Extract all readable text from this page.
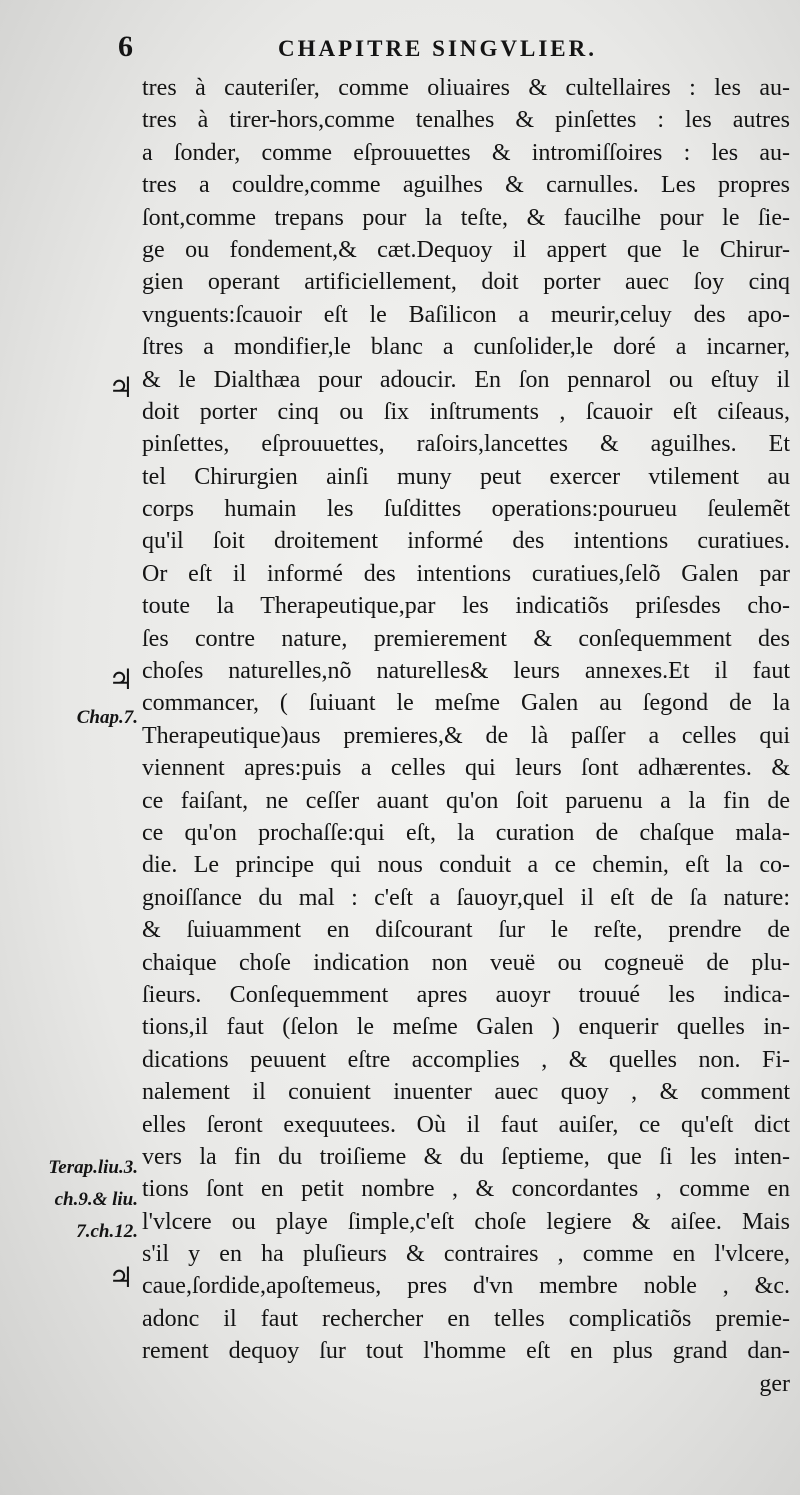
6	CHAPITRE SINGVLIER.
♃
♃
♃
Chap.7.
Terap.liu.3.
ch.9.& liu.
7.ch.12.
tres à cauteriſer, comme oliuaires & cultellaires : les au-
tres à tirer-hors,comme tenalhes & pinſettes : les autres
a ſonder, comme eſprouuettes & intromiſſoires : les au-
tres a couldre,comme aguilhes & carnulles. Les propres
ſont,comme trepans pour la teſte, & faucilhe pour le ſie-
ge ou fondement,& cæt.Dequoy il appert que le Chirur-
gien operant artificiellement, doit porter auec ſoy cinq
vnguents:ſcauoir eſt le Baſilicon a meurir,celuy des apo-
ſtres a mondifier,le blanc a cunſolider,le doré a incarner,
& le Dialthæa pour adoucir. En ſon pennarol ou eſtuy il
doit porter cinq ou ſix inſtruments , ſcauoir eſt ciſeaus,
pinſettes, eſprouuettes, raſoirs,lancettes & aguilhes. Et
tel Chirurgien ainſi muny peut exercer vtilement au
corps humain les ſuſdittes operations:pourueu ſeulemẽt
qu'il ſoit droitement informé des intentions curatiues.
Or eſt il informé des intentions curatiues,ſelõ Galen par
toute la Therapeutique,par les indicatiõs priſesdes cho-
ſes contre nature, premierement & conſequemment des
choſes naturelles,nõ naturelles& leurs annexes.Et il faut
commancer, ( ſuiuant le meſme Galen au ſegond de la
Therapeutique)aus premieres,& de là paſſer a celles qui
viennent apres:puis a celles qui leurs ſont adhærentes. &
ce faiſant, ne ceſſer auant qu'on ſoit paruenu a la fin de
ce qu'on prochaſſe:qui eſt, la curation de chaſque mala-
die. Le principe qui nous conduit a ce chemin, eſt la co-
gnoiſſance du mal : c'eſt a ſauoyr,quel il eſt de ſa nature:
& ſuiuamment en diſcourant ſur le reſte, prendre de
chaique choſe indication non veuë ou cogneuë de plu-
ſieurs. Conſequemment apres auoyr trouué les indica-
tions,il faut (ſelon le meſme Galen ) enquerir quelles in-
dications peuuent eſtre accomplies , & quelles non. Fi-
nalement il conuient inuenter auec quoy , & comment
elles ſeront exequutees. Où il faut auiſer, ce qu'eſt dict
vers la fin du troiſieme & du ſeptieme, que ſi les inten-
tions ſont en petit nombre , & concordantes , comme en
l'vlcere ou playe ſimple,c'eſt choſe legiere & aiſee. Mais
s'il y en ha pluſieurs & contraires , comme en l'vlcere,
caue,ſordide,apoſtemeus, pres d'vn membre noble , &c.
adonc il faut rechercher en telles complicatiõs premie-
rement dequoy ſur tout l'homme eſt en plus grand dan-
ger
